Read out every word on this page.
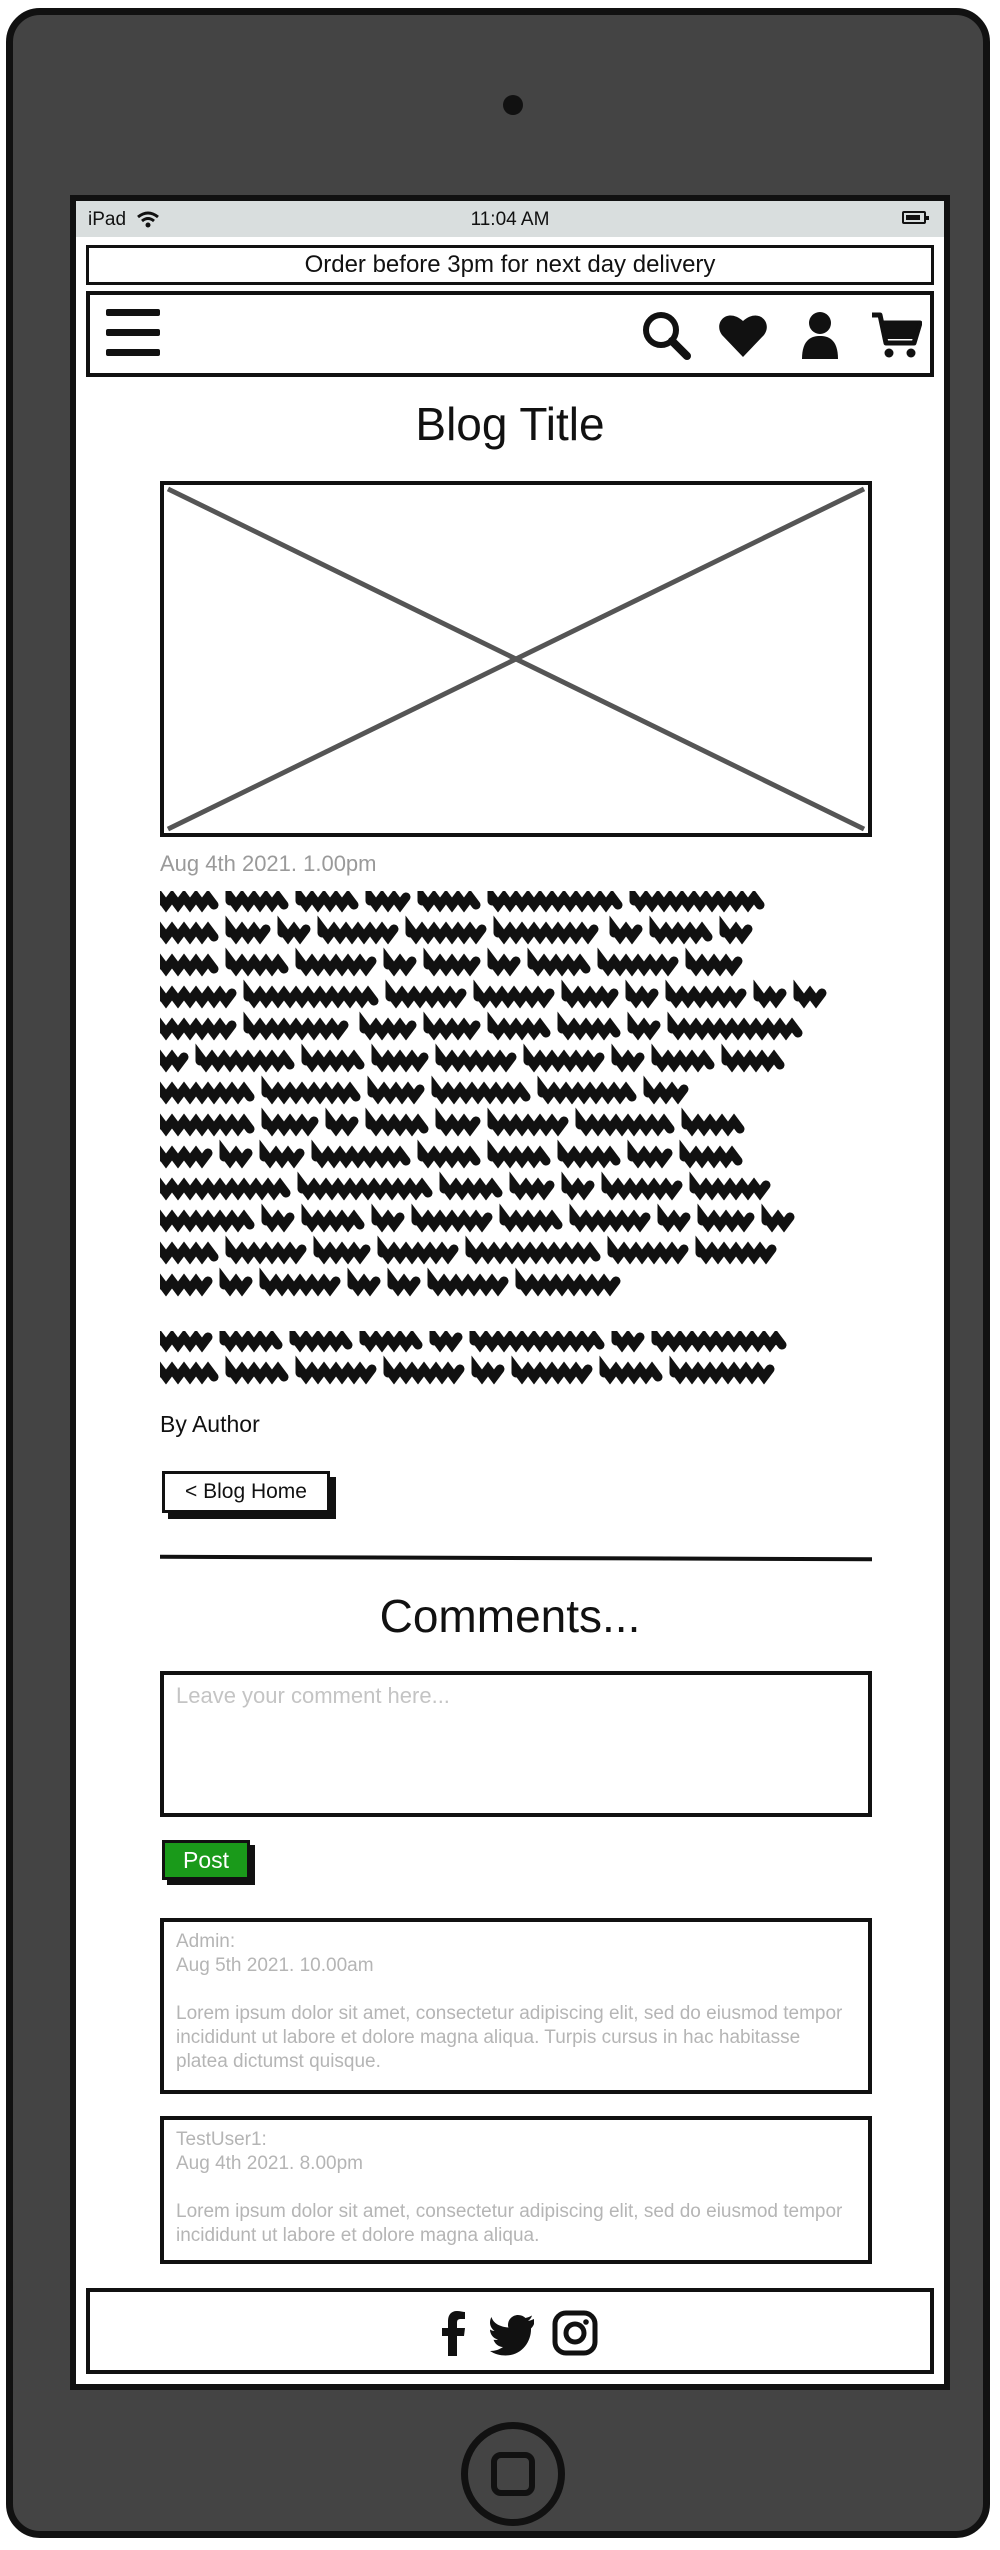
iPad	11:04 AM
Order before 3pm for next day delivery
Blog Title
Aug 4th 2021. 1.00pm
By Author
< Blog Home
Comments...
Leave your comment here...
Post
Admin:
Aug 5th 2021. 10.00am
Lorem ipsum dolor sit amet, consectetur adipiscing elit, sed do eiusmod tempor incididunt ut labore et dolore magna aliqua. Turpis cursus in hac habitasse platea dictumst quisque.
TestUser1:
Aug 4th 2021. 8.00pm
Lorem ipsum dolor sit amet, consectetur adipiscing elit, sed do eiusmod tempor incididunt ut labore et dolore magna aliqua.
